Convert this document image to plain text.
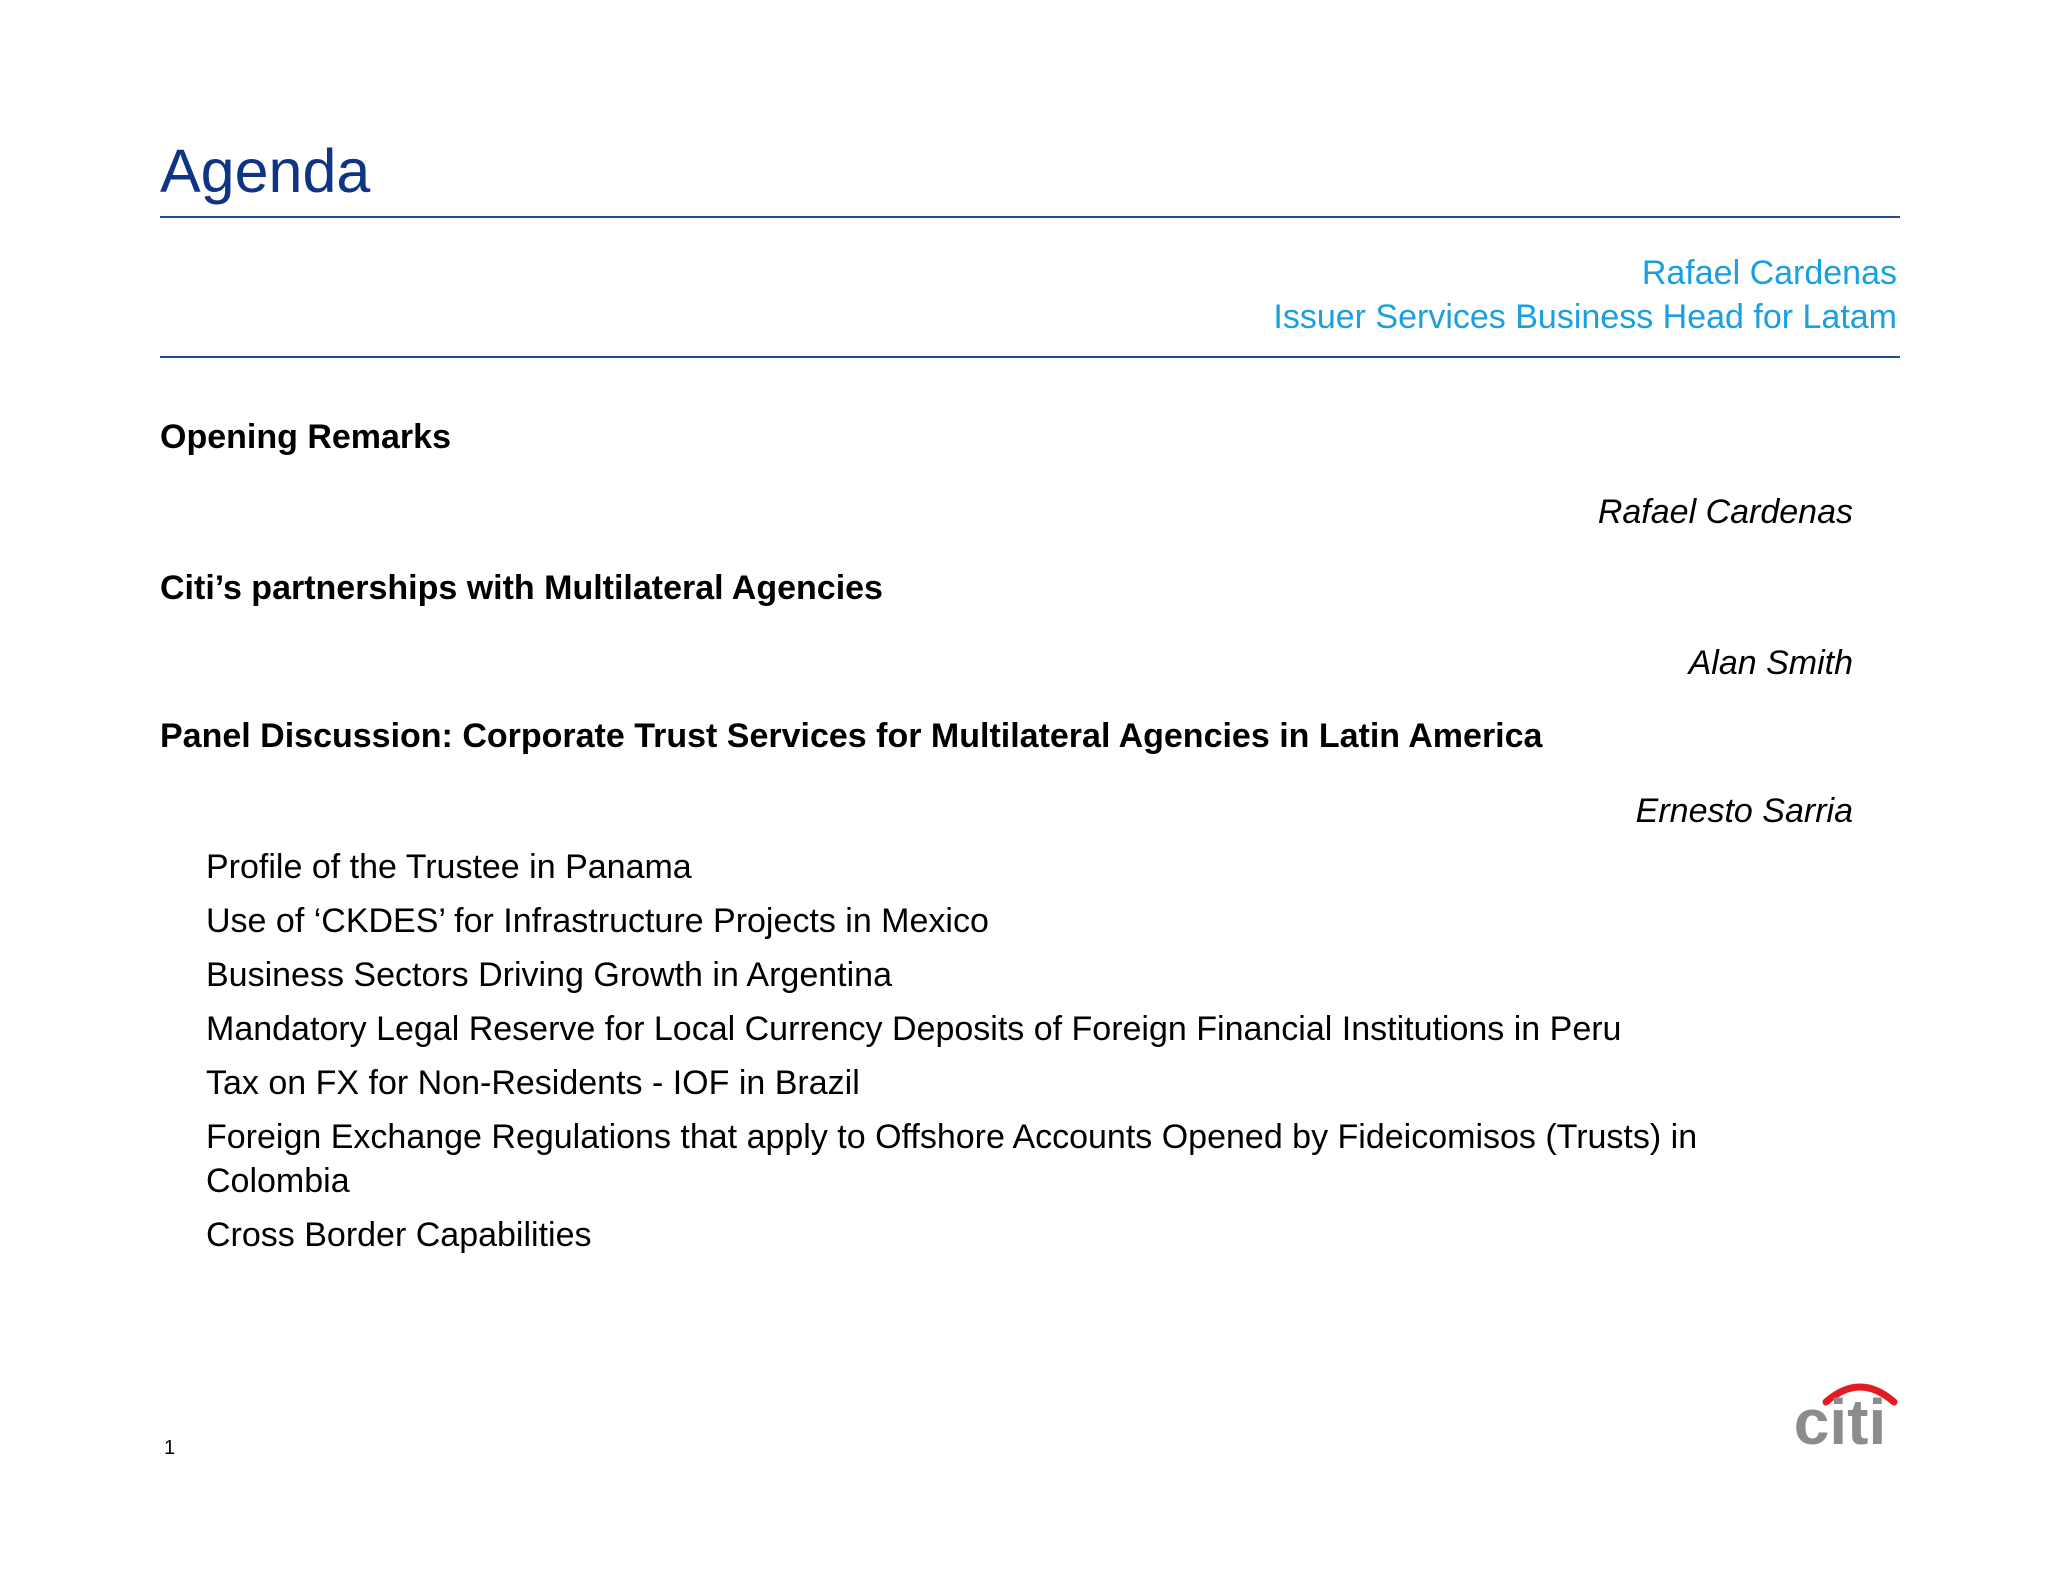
Agenda
Rafael Cardenas
Issuer Services Business Head for Latam
Opening Remarks
Rafael Cardenas
Citi’s partnerships with Multilateral Agencies
Alan Smith
Panel Discussion: Corporate Trust Services for Multilateral Agencies in Latin America
Ernesto Sarria
Profile of the Trustee in Panama
Use of ‘CKDES’ for Infrastructure Projects in Mexico
Business Sectors Driving Growth in Argentina
Mandatory Legal Reserve for Local Currency Deposits of Foreign Financial Institutions in Peru
Tax on FX for Non-Residents - IOF in Brazil
Foreign Exchange Regulations that apply to Offshore Accounts Opened by Fideicomisos (Trusts) in Colombia
Cross Border Capabilities
1	citi
